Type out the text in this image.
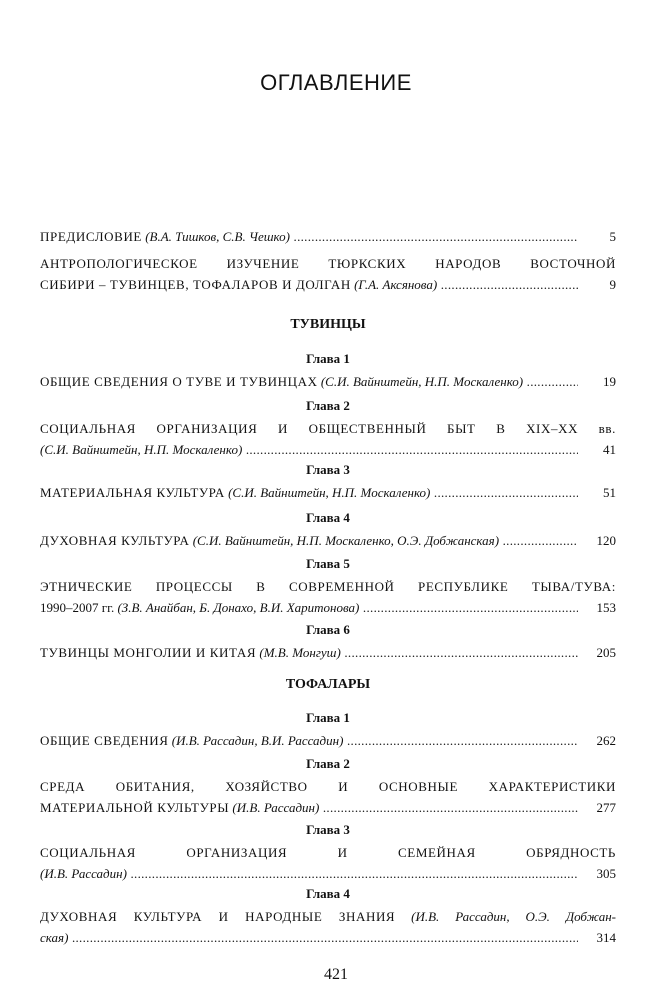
ОГЛАВЛЕНИЕ
ПРЕДИСЛОВИЕ (В.А. Тишков, С.В. Чешко) .....	5
АНТРОПОЛОГИЧЕСКОЕ ИЗУЧЕНИЕ ТЮРКСКИХ НАРОДОВ ВОСТОЧНОЙ
СИБИРИ – ТУВИНЦЕВ, ТОФАЛАРОВ И ДОЛГАН (Г.А. Аксянова) .....	9
ТУВИНЦЫ
Глава 1
ОБЩИЕ СВЕДЕНИЯ О ТУВЕ И ТУВИНЦАХ (С.И. Вайнштейн, Н.П. Москаленко) .....	19
Глава 2
СОЦИАЛЬНАЯ ОРГАНИЗАЦИЯ И ОБЩЕСТВЕННЫЙ БЫТ В XIX–XX вв.
(С.И. Вайнштейн, Н.П. Москаленко) .....	41
Глава 3
МАТЕРИАЛЬНАЯ КУЛЬТУРА (С.И. Вайнштейн, Н.П. Москаленко) .....	51
Глава 4
ДУХОВНАЯ КУЛЬТУРА (С.И. Вайнштейн, Н.П. Москаленко, О.Э. Добжанская) .....	120
Глава 5
ЭТНИЧЕСКИЕ ПРОЦЕССЫ В СОВРЕМЕННОЙ РЕСПУБЛИКЕ ТЫВА/ТУВА:
1990–2007 гг. (З.В. Анайбан, Б. Донахо, В.И. Харитонова) .....	153
Глава 6
ТУВИНЦЫ МОНГОЛИИ И КИТАЯ (М.В. Монгуш) .....	205
ТОФАЛАРЫ
Глава 1
ОБЩИЕ СВЕДЕНИЯ (И.В. Рассадин, В.И. Рассадин) .....	262
Глава 2
СРЕДА ОБИТАНИЯ, ХОЗЯЙСТВО И ОСНОВНЫЕ ХАРАКТЕРИСТИКИ
МАТЕРИАЛЬНОЙ КУЛЬТУРЫ (И.В. Рассадин) .....	277
Глава 3
СОЦИАЛЬНАЯ ОРГАНИЗАЦИЯ И СЕМЕЙНАЯ ОБРЯДНОСТЬ
(И.В. Рассадин) .....	305
Глава 4
ДУХОВНАЯ КУЛЬТУРА И НАРОДНЫЕ ЗНАНИЯ (И.В. Рассадин, О.Э. Добжан-
ская) .....	314
421
